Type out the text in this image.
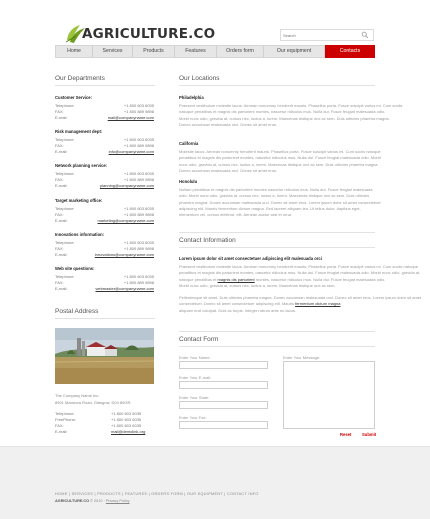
AGRICULTURE.CO
Search
Home	Services	Products	Features	Orders form	Our equipment	Contacts
Our Departments
Customer Service:
Telephone:	+1 800 603 6035
FAX:	+1 800 889 9898
E-mail:	mail@companyname.com
Risk management dept:
Telephone:	+1 800 603 6035
FAX:	+1 800 889 9898
E-mail:	info@companyname.com
Network planning service:
Telephone:	+1 800 603 6035
FAX:	+1 800 889 9898
E-mail:	planning@companyname.com
Target marketing office:
Telephone:	+1 800 603 6035
FAX:	+1 800 889 9898
E-mail:	marketing@companyname.com
Innovations information:
Telephone:	+1 800 603 6035
FAX:	+1 800 889 9898
E-mail:	innovations@companyname.com
Web site questions:
Telephone:	+1 800 603 6035
FAX:	+1 800 889 9898
E-mail:	webmaster@companyname.com
Postal Address
The Company Name Inc.
8901 Marmora Road, Glasgow, D04 89GR.
Telephone:	+1 800 603 6035
FreePhone:	+1 800 603 6035
FAX:	+1 800 603 6035
E-mail:	mail@demolink.org
Our Locations
Philadelphia
Praesent vestibulum molestie lacus. Aenean nonummy hendrerit mauris. Phasellus porta. Fusce suscipit varius mi. Cum sociis
natoque penatibus et magnis dis parturient montes, nascetur ridiculus mus. Nulla dui. Fusce feugiat malesuada odio.
Morbi nunc odio, gravida at, cursus nec, luctus a, lorem. Maecenas tristique orci ac sem. Duis ultricies pharetra magna.
Donec accumsan malesuada orci. Donec sit amet eros.
California
Molestie lacus. Aenean nonummy hendrerit mauris. Phasellus porta. Fusce suscipit varius mi. Cum sociis natoque
penatibus et magnis dis parturient montes, nascetur ridiculus mus. Nulla dui. Fusce feugiat malesuada odio. Morbi
nunc odio, gravida at, cursus nec, luctus a, lorem. Maecenas tristique orci ac sem. Duis ultricies pharetra magna.
Donec accumsan malesuada orci. Donec sit amet eros.
Honolulu
Nullam penatibus et magnis dis parturient montes nascetur ridiculus mus. Nulla dui. Fusce feugiat malesuada
odio. Morbi nunc odio, gravida at, cursus nec, luctus a, lorem. Maecenas tristique orci ac sem. Duis ultricies
pharetra magna. Donec accumsan malesuada orci. Donec sit amet eros. Lorem ipsum dolor sit amet consectetuer
adipiscing elit. Mauris fermentum dictum magna. Sed laoreet aliquam leo. Ut tellus dolor, dapibus eget,
elementum vel, cursus eleifend, elit. Aenean auctor wisi et urna.
Contact Information
Lorem ipsum dolor sit amet consectetuer adipiscing elit malesuada orci
Praesent vestibulum molestie lacus. Aenean nonummy hendrerit mauris. Phasellus porta. Fusce suscipit varius mi. Cum sociis natoque
penatibus et magnis dis parturient montes, nascetur ridiculus mus. Nulla dui. Fusce feugiat malesuada odio. Morbi nunc odio, gravida at,
natoque penatibus et magnis dis parturient montes, nascetur ridiculus mus. Nulla dui. Fusce feugiat malesuada odio.
Morbi nunc odio, gravida at, cursus nec, luctus a, lorem. Maecenas tristique orci ac sem.
Pellentesque sit amet. Duis ultricies pharetra magna. Donec accumsan malesuada orci. Donec sit amet eros. Lorem ipsum dolor sit amet
consectetuer. Donec sit amet consectetuer adipiscing elit. Mauris fermentum dictum magna
aliquam erat volutpat. Duis ac turpis. Integer rutrum ante eu lacus.
Contact Form
Enter Your Name:
Enter Your E-mail:
Enter Your State:
Enter Your Fax:
Enter Your Message:
Reset	Submit
HOME | SERVICES | PRODUCTS | FEATURES | ORDERS FORM | OUR EQUIPMENT | CONTACT INFO
AGRICULTURE.CO © 2010 · Privacy Policy
